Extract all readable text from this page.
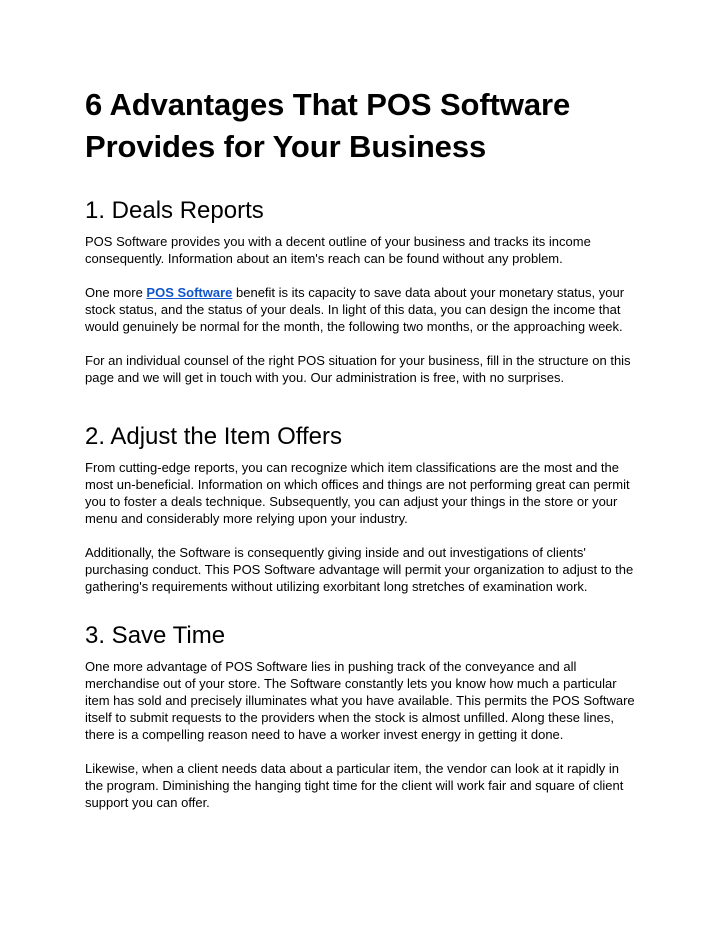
6 Advantages That POS Software Provides for Your Business
1. Deals Reports

POS Software provides you with a decent outline of your business and tracks its income consequently. Information about an item's reach can be found without any problem.

One more POS Software benefit is its capacity to save data about your monetary status, your stock status, and the status of your deals. In light of this data, you can design the income that would genuinely be normal for the month, the following two months, or the approaching week.

For an individual counsel of the right POS situation for your business, fill in the structure on this page and we will get in touch with you. Our administration is free, with no surprises.

2. Adjust the Item Offers

From cutting-edge reports, you can recognize which item classifications are the most and the most un-beneficial. Information on which offices and things are not performing great can permit you to foster a deals technique. Subsequently, you can adjust your things in the store or your menu and considerably more relying upon your industry.

Additionally, the Software is consequently giving inside and out investigations of clients' purchasing conduct. This POS Software advantage will permit your organization to adjust to the gathering's requirements without utilizing exorbitant long stretches of examination work.

3. Save Time

One more advantage of POS Software lies in pushing track of the conveyance and all merchandise out of your store. The Software constantly lets you know how much a particular item has sold and precisely illuminates what you have available. This permits the POS Software itself to submit requests to the providers when the stock is almost unfilled. Along these lines, there is a compelling reason need to have a worker invest energy in getting it done.

Likewise, when a client needs data about a particular item, the vendor can look at it rapidly in the program. Diminishing the hanging tight time for the client will work fair and square of client support you can offer.
